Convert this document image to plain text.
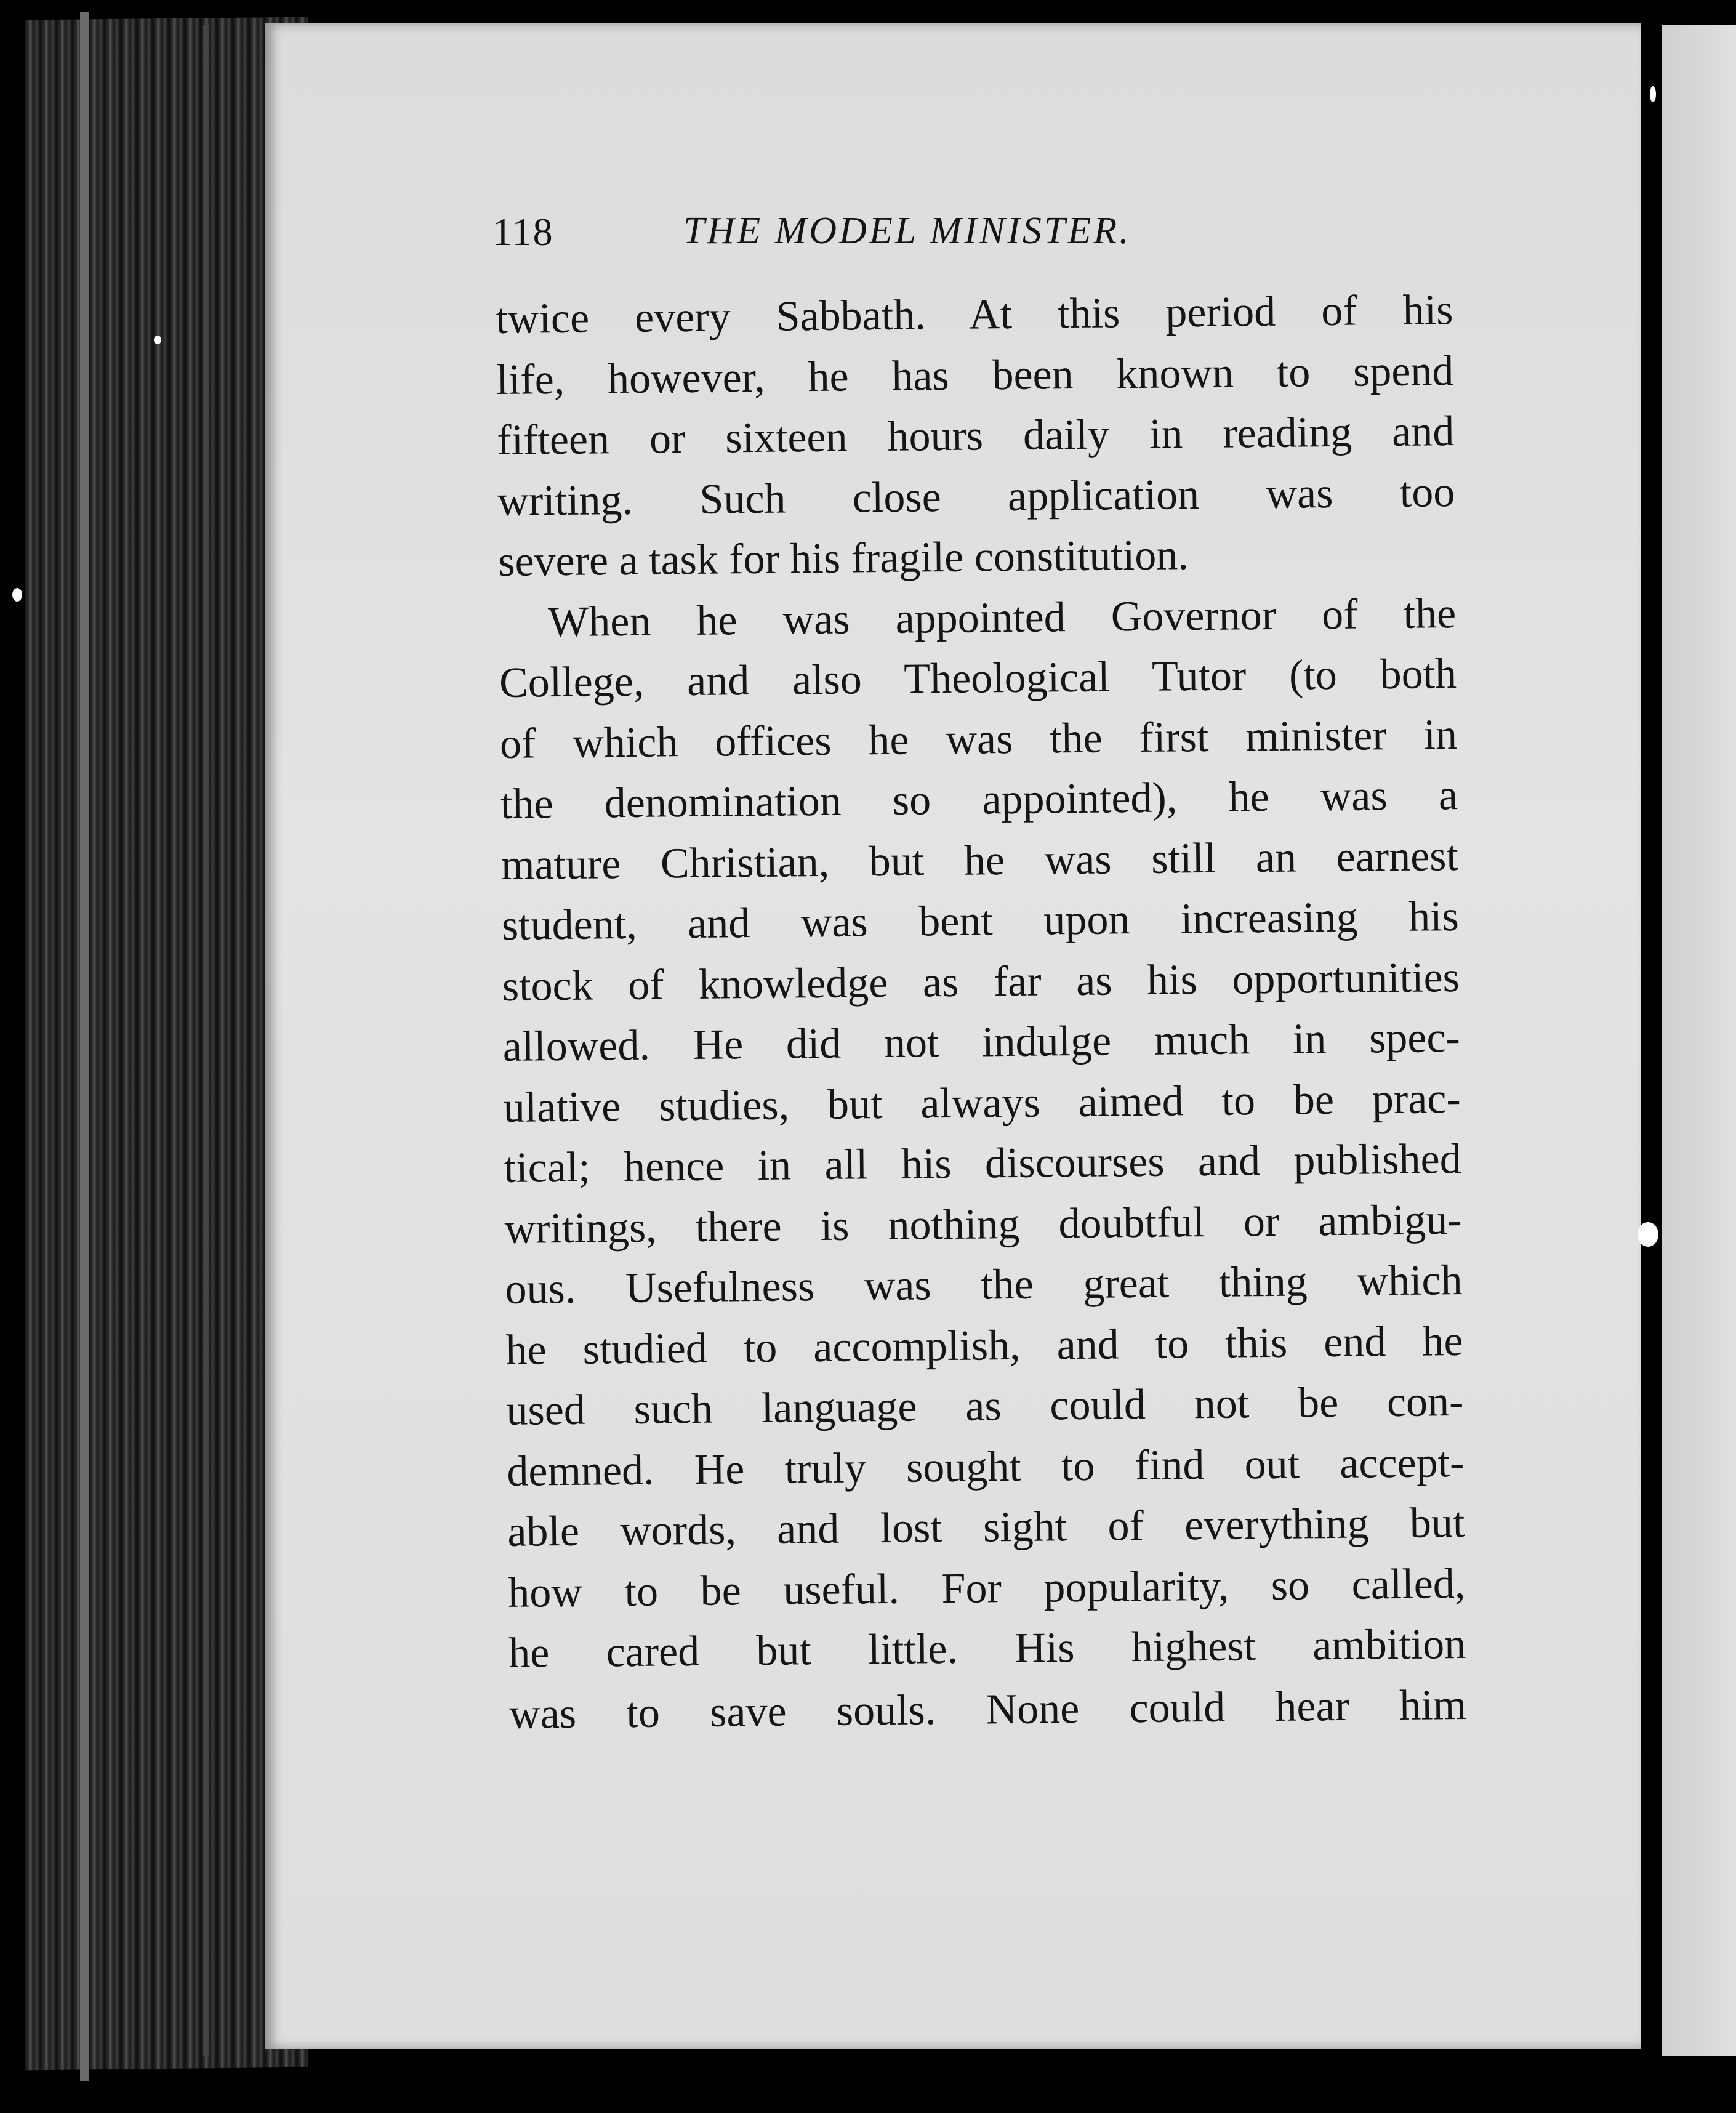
118	THE MODEL MINISTER.
twice every Sabbath. At this period of his
life, however, he has been known to spend
fifteen or sixteen hours daily in reading and
writing. Such close application was too
severe a task for his fragile constitution.
When he was appointed Governor of the
College, and also Theological Tutor (to both
of which offices he was the first minister in
the denomination so appointed), he was a
mature Christian, but he was still an earnest
student, and was bent upon increasing his
stock of knowledge as far as his opportunities
allowed. He did not indulge much in spec-
ulative studies, but always aimed to be prac-
tical; hence in all his discourses and published
writings, there is nothing doubtful or ambigu-
ous. Usefulness was the great thing which
he studied to accomplish, and to this end he
used such language as could not be con-
demned. He truly sought to find out accept-
able words, and lost sight of everything but
how to be useful. For popularity, so called,
he cared but little. His highest ambition
was to save souls. None could hear him
